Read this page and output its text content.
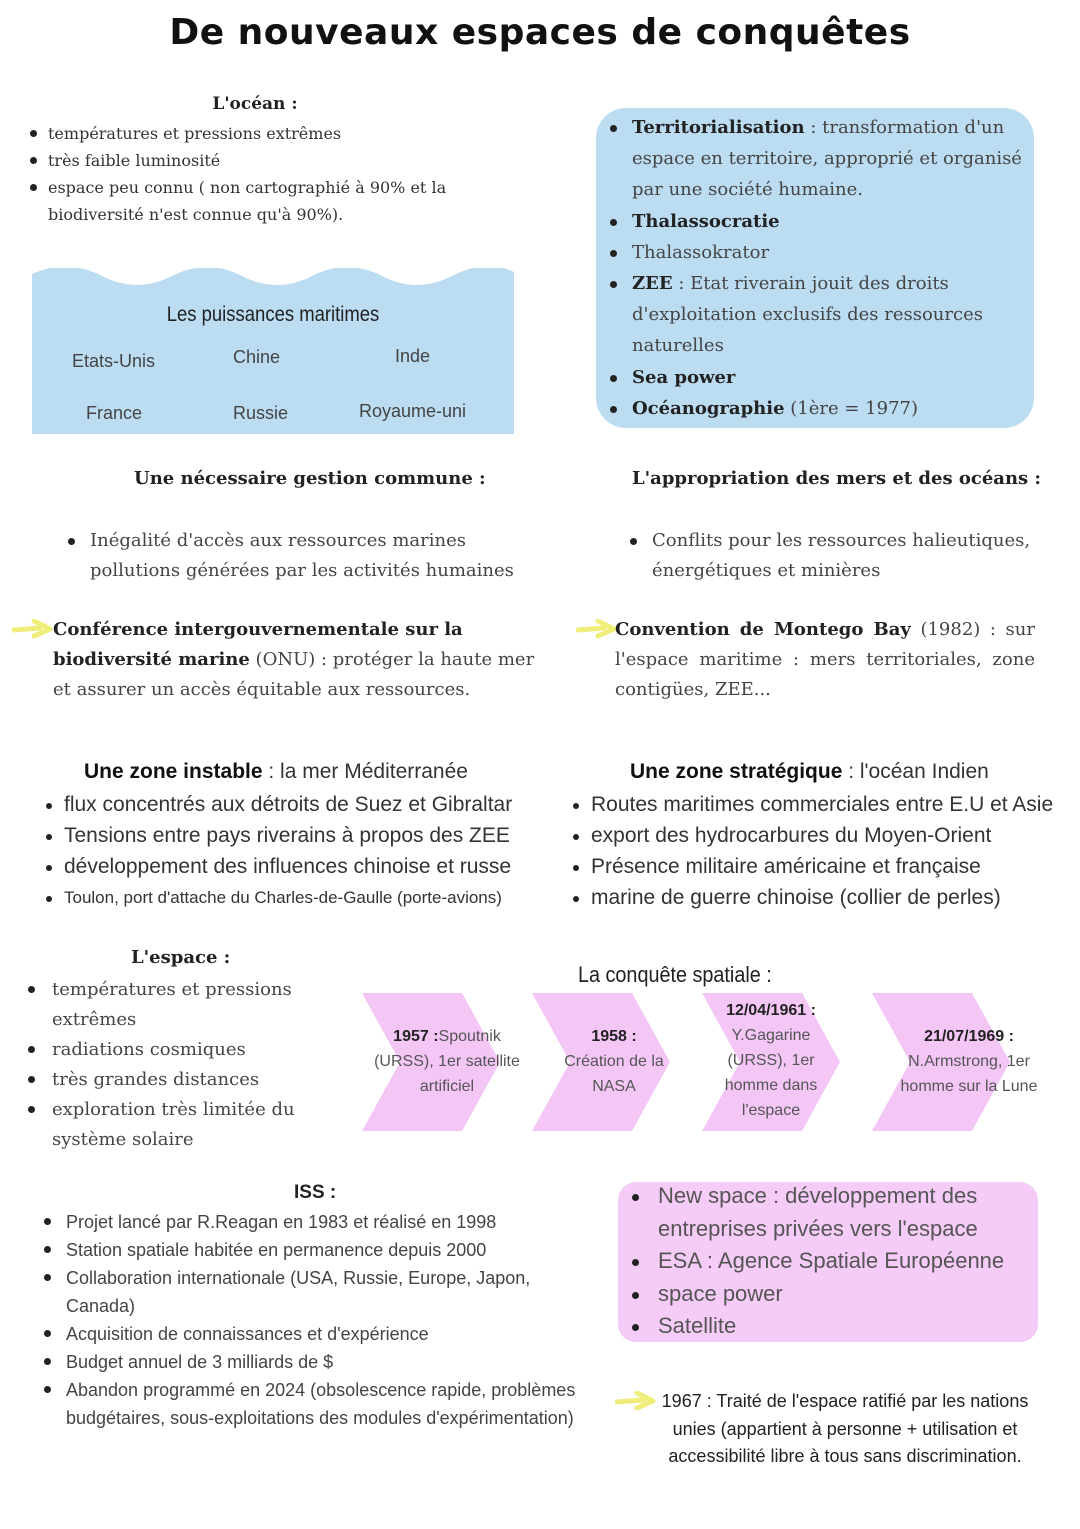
De nouveaux espaces de conquêtes
L'océan :
températures et pressions extrêmes
très faible luminosité
espace peu connu ( non cartographié à 90% et la biodiversité n'est connue qu'à 90%).
Les puissances maritimes
Etats-Unis	Chine	Inde
France	Russie	Royaume-uni
Territorialisation : transformation d'un espace en territoire, approprié et organisé par une société humaine.
Thalassocratie
Thalassokrator
ZEE : Etat riverain jouit des droits d'exploitation exclusifs des ressources naturelles
Sea power
Océanographie (1ère = 1977)
Une nécessaire gestion commune :
Inégalité d'accès aux ressources marines pollutions générées par les activités humaines
Conférence intergouvernementale sur la biodiversité marine (ONU) : protéger la haute mer et assurer un accès équitable aux ressources.
L'appropriation des mers et des océans :
Conflits pour les ressources halieutiques, énergétiques et minières
Convention de Montego Bay (1982) : sur l'espace maritime : mers territoriales, zone contigües, ZEE...
Une zone instable : la mer Méditerranée
flux concentrés aux détroits de Suez et Gibraltar
Tensions entre pays riverains à propos des ZEE
développement des influences chinoise et russe
Toulon, port d'attache du Charles-de-Gaulle (porte-avions)
Une zone stratégique : l'océan Indien
Routes maritimes commerciales entre E.U et Asie
export des hydrocarbures du Moyen-Orient
Présence militaire américaine et française
marine de guerre chinoise (collier de perles)
L'espace :
températures et pressions extrêmes
radiations cosmiques
très grandes distances
exploration très limitée du système solaire
La conquête spatiale :
1957 :Spoutnik (URSS), 1er satellite artificiel
1958 :
Création de la NASA
12/04/1961 :
Y.Gagarine (URSS), 1er homme dans l'espace
21/07/1969 :
N.Armstrong, 1er homme sur la Lune
ISS :
Projet lancé par R.Reagan en 1983 et réalisé en 1998
Station spatiale habitée en permanence depuis 2000
Collaboration internationale (USA, Russie, Europe, Japon, Canada)
Acquisition de connaissances et d'expérience
Budget annuel de 3 milliards de $
Abandon programmé en 2024 (obsolescence rapide, problèmes budgétaires, sous-exploitations des modules d'expérimentation)
New space : développement des entreprises privées vers l'espace
ESA : Agence Spatiale Européenne
space power
Satellite
1967 : Traité de l'espace ratifié par les nations unies (appartient à personne + utilisation et accessibilité libre à tous sans discrimination.
